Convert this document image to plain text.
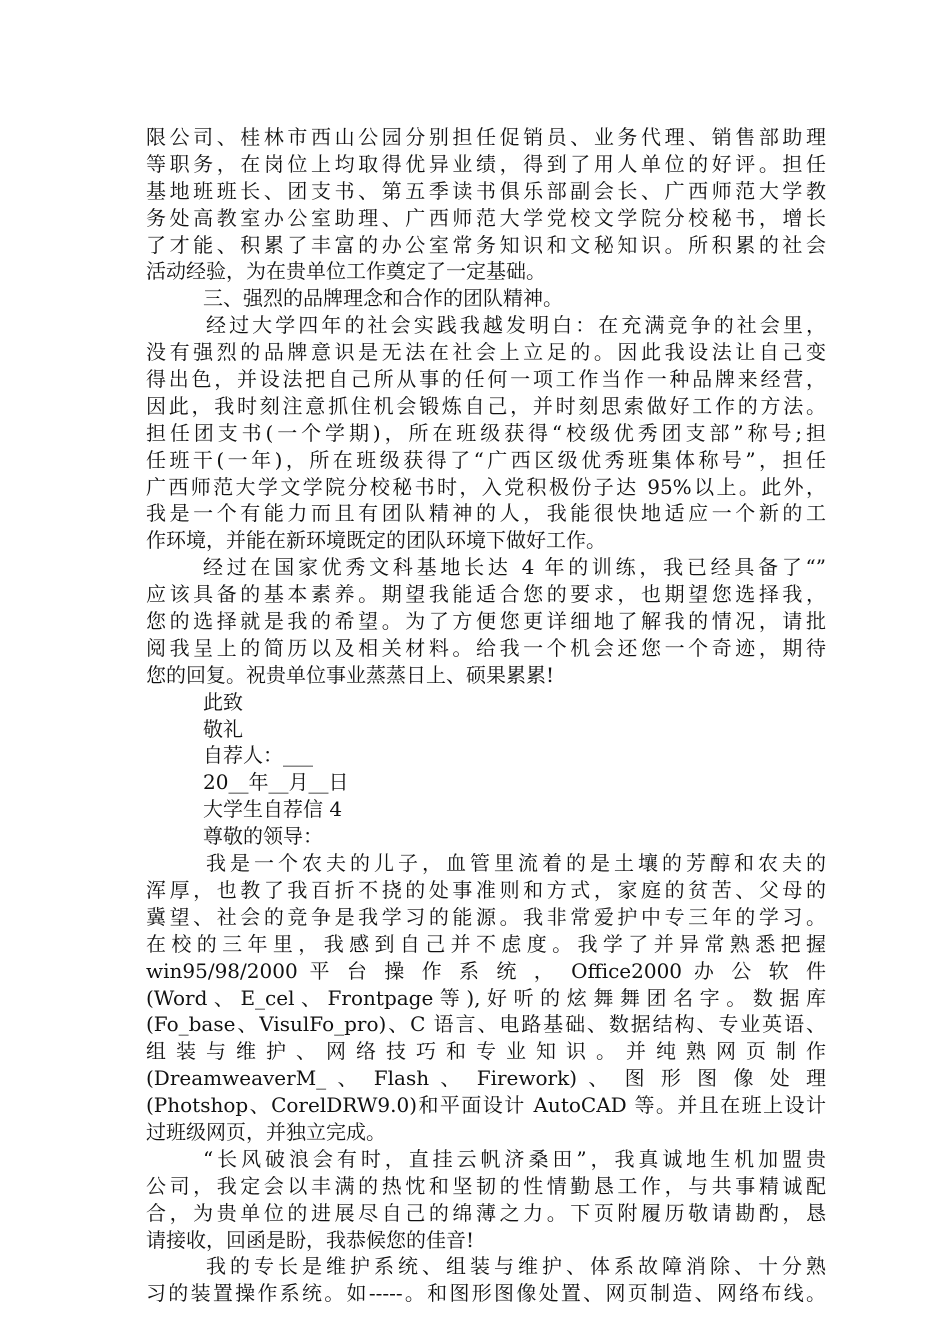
限公司、桂林市西山公园分别担任促销员、业务代理、销售部助理
等职务，在岗位上均取得优异业绩，得到了用人单位的好评。担任
基地班班长、团支书、第五季读书俱乐部副会长、广西师范大学教
务处高教室办公室助理、广西师范大学党校文学院分校秘书，增长
了才能、积累了丰富的办公室常务知识和文秘知识。所积累的社会
活动经验，为在贵单位工作奠定了一定基础。
三、强烈的品牌理念和合作的团队精神。
经过大学四年的社会实践我越发明白：在充满竞争的社会里，
没有强烈的品牌意识是无法在社会上立足的。因此我设法让自己变
得出色，并设法把自己所从事的任何一项工作当作一种品牌来经营，
因此，我时刻注意抓住机会锻炼自己，并时刻思索做好工作的方法。
担任团支书(一个学期)，所在班级获得“校级优秀团支部”称号;担
任班干(一年)，所在班级获得了“广西区级优秀班集体称号”，担任
广西师范大学文学院分校秘书时，入党积极份子达 95%以上。此外，
我是一个有能力而且有团队精神的人，我能很快地适应一个新的工
作环境，并能在新环境既定的团队环境下做好工作。
经过在国家优秀文科基地长达 4 年的训练，我已经具备了“”
应该具备的基本素养。期望我能适合您的要求，也期望您选择我，
您的选择就是我的希望。为了方便您更详细地了解我的情况，请批
阅我呈上的简历以及相关材料。给我一个机会还您一个奇迹，期待
您的回复。祝贵单位事业蒸蒸日上、硕果累累!
此致
敬礼
自荐人：___
20__年__月__日
大学生自荐信 4
尊敬的领导：
我是一个农夫的儿子，血管里流着的是土壤的芳醇和农夫的
浑厚，也教了我百折不挠的处事准则和方式，家庭的贫苦、父母的
冀望、社会的竞争是我学习的能源。我非常爱护中专三年的学习。
在校的三年里，我感到自己并不虑度。我学了并异常熟悉把握
win95/98/2000 平 台 操 作 系 统 ， Office2000 办 公 软 件
(Word 、 E_cel 、 Frontpage 等 ), 好 听 的 炫 舞 舞 团 名 字 。 数 据 库
(Fo_base、VisulFo_pro)、C 语言、电路基础、数据结构、专业英语、
组 装 与 维 护 、 网 络 技 巧 和 专 业 知 识 。 并 纯 熟 网 页 制 作
(DreamweaverM_ 、 Flash 、 Firework) 、 图 形 图 像 处 理
(Photshop、CorelDRW9.0)和平面设计 AutoCAD 等。并且在班上设计
过班级网页，并独立完成。
“长风破浪会有时，直挂云帆济桑田”，我真诚地生机加盟贵
公司，我定会以丰满的热忱和坚韧的性情勤恳工作，与共事精诚配
合，为贵单位的进展尽自己的绵薄之力。下页附履历敬请勘酌，恳
请接收，回函是盼，我恭候您的佳音!
我的专长是维护系统、组装与维护、体系故障消除、十分熟
习的装置操作系统。如-----。和图形图像处置、网页制造、网络布线。
